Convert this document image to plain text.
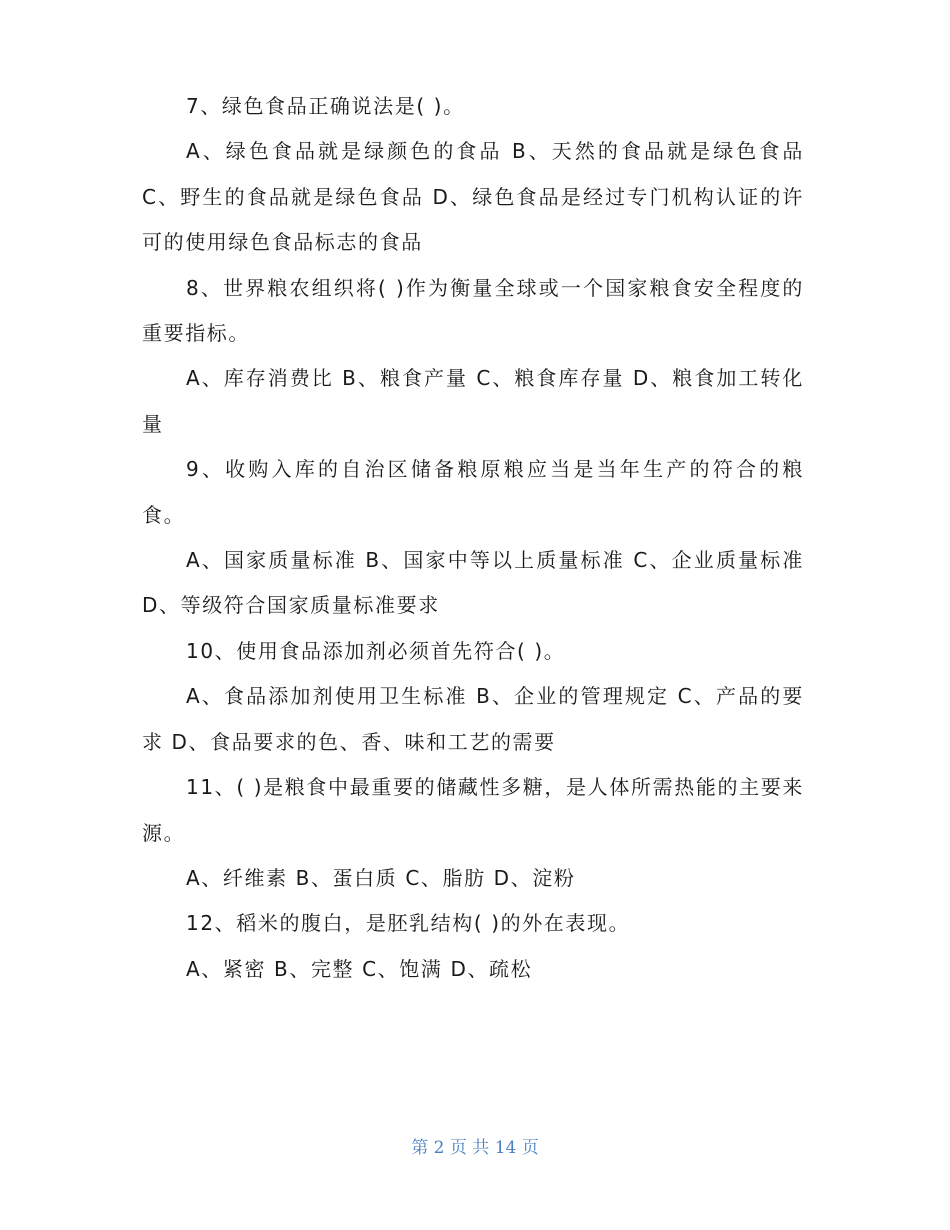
7、绿色食品正确说法是( )。

A、绿色食品就是绿颜色的食品 B、天然的食品就是绿色食品 C、野生的食品就是绿色食品 D、绿色食品是经过专门机构认证的许可的使用绿色食品标志的食品

8、世界粮农组织将( )作为衡量全球或一个国家粮食安全程度的重要指标。

A、库存消费比 B、粮食产量 C、粮食库存量 D、粮食加工转化量

9、收购入库的自治区储备粮原粮应当是当年生产的符合的粮食。

A、国家质量标准 B、国家中等以上质量标准 C、企业质量标准 D、等级符合国家质量标准要求

10、使用食品添加剂必须首先符合( )。

A、食品添加剂使用卫生标准 B、企业的管理规定 C、产品的要求 D、食品要求的色、香、味和工艺的需要

11、( )是粮食中最重要的储藏性多糖，是人体所需热能的主要来源。

A、纤维素 B、蛋白质 C、脂肪 D、淀粉

12、稻米的腹白，是胚乳结构( )的外在表现。

A、紧密 B、完整 C、饱满 D、疏松

第 2 页 共 14 页
